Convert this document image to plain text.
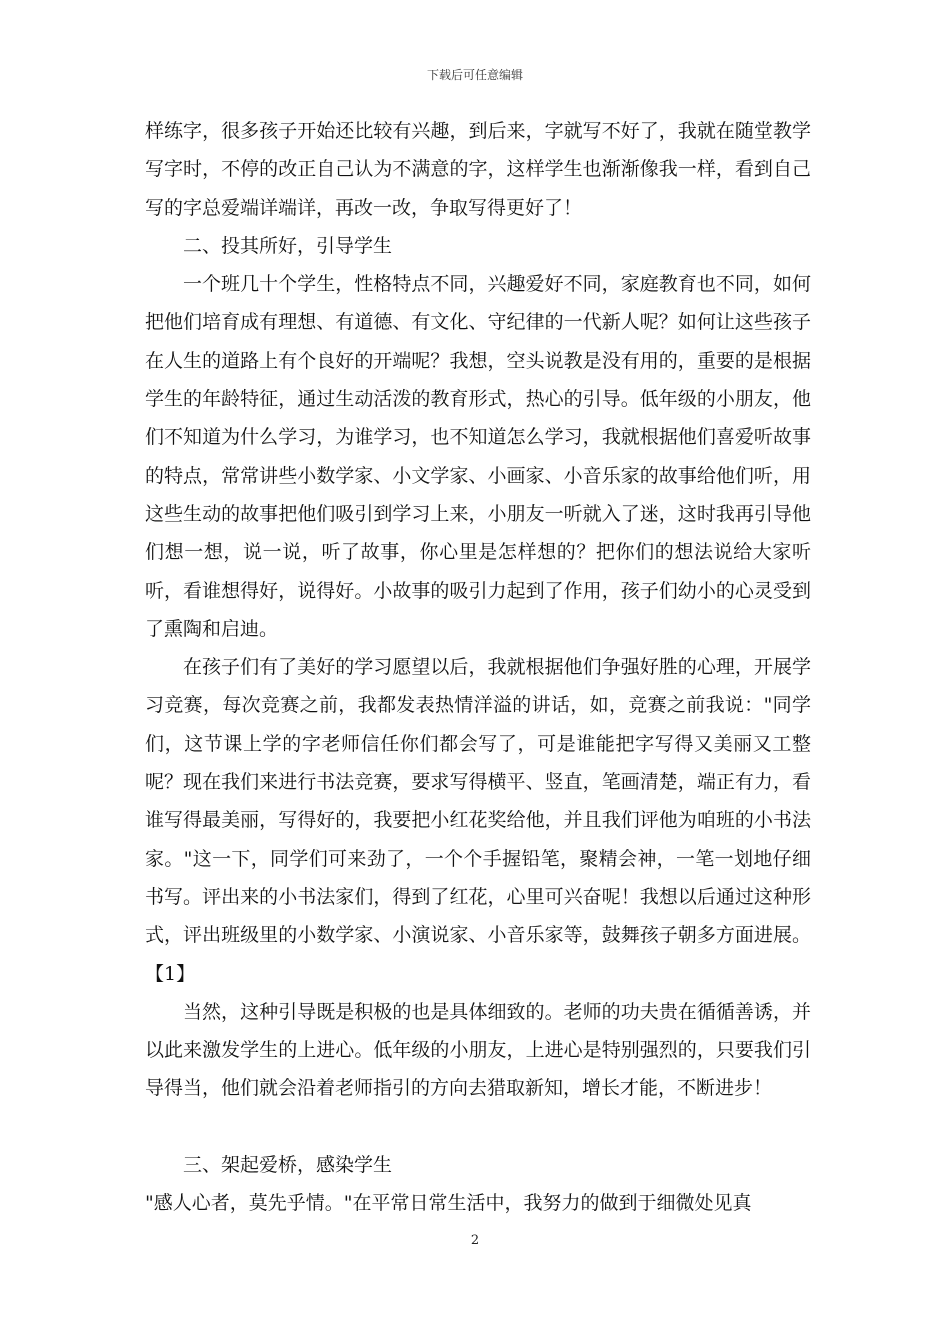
下载后可任意编辑

样练字，很多孩子开始还比较有兴趣，到后来，字就写不好了，我就在随堂教学写字时，不停的改正自己认为不满意的字，这样学生也渐渐像我一样，看到自己写的字总爱端详端详，再改一改，争取写得更好了！

二、投其所好，引导学生

一个班几十个学生，性格特点不同，兴趣爱好不同，家庭教育也不同，如何把他们培育成有理想、有道德、有文化、守纪律的一代新人呢？如何让这些孩子在人生的道路上有个良好的开端呢？我想，空头说教是没有用的，重要的是根据学生的年龄特征，通过生动活泼的教育形式，热心的引导。低年级的小朋友，他们不知道为什么学习，为谁学习，也不知道怎么学习，我就根据他们喜爱听故事的特点，常常讲些小数学家、小文学家、小画家、小音乐家的故事给他们听，用这些生动的故事把他们吸引到学习上来，小朋友一听就入了迷，这时我再引导他们想一想，说一说，听了故事，你心里是怎样想的？把你们的想法说给大家听听，看谁想得好，说得好。小故事的吸引力起到了作用，孩子们幼小的心灵受到了熏陶和启迪。

在孩子们有了美好的学习愿望以后，我就根据他们争强好胜的心理，开展学习竞赛，每次竞赛之前，我都发表热情洋溢的讲话，如，竞赛之前我说："同学们，这节课上学的字老师信任你们都会写了，可是谁能把字写得又美丽又工整呢？现在我们来进行书法竞赛，要求写得横平、竖直，笔画清楚，端正有力，看谁写得最美丽，写得好的，我要把小红花奖给他，并且我们评他为咱班的小书法家。"这一下，同学们可来劲了，一个个手握铅笔，聚精会神，一笔一划地仔细书写。评出来的小书法家们，得到了红花，心里可兴奋呢！我想以后通过这种形式，评出班级里的小数学家、小演说家、小音乐家等，鼓舞孩子朝多方面进展。【1】

当然，这种引导既是积极的也是具体细致的。老师的功夫贵在循循善诱，并以此来激发学生的上进心。低年级的小朋友，上进心是特别强烈的，只要我们引导得当，他们就会沿着老师指引的方向去猎取新知，增长才能，不断进步！

三、架起爱桥，感染学生

"感人心者，莫先乎情。"在平常日常生活中，我努力的做到于细微处见真

2
